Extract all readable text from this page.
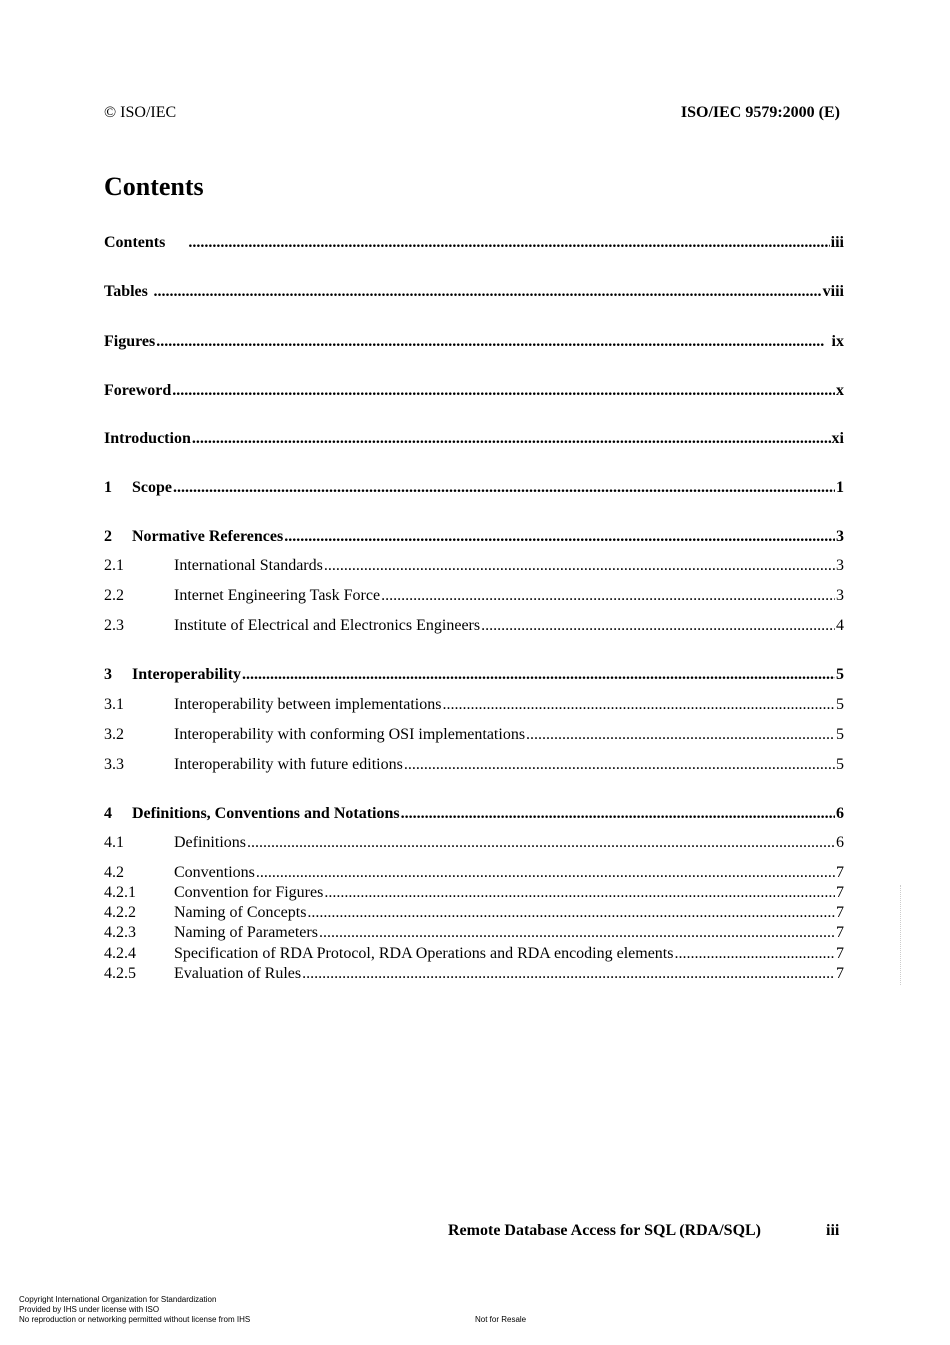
© ISO/IEC	ISO/IEC 9579:2000 (E)
Contents
Contents .....	iii
Tables .....	viii
Figures .....	ix
Foreword .....	x
Introduction .....	xi
1	Scope .....	1
2	Normative References .....	3
2.1	International Standards .....	3
2.2	Internet Engineering Task Force .....	3
2.3	Institute of Electrical and Electronics Engineers .....	4
3	Interoperability .....	5
3.1	Interoperability between implementations .....	5
3.2	Interoperability with conforming OSI implementations .....	5
3.3	Interoperability with future editions .....	5
4	Definitions, Conventions and Notations .....	6
4.1	Definitions .....	6
4.2	Conventions .....	7
4.2.1	Convention for Figures .....	7
4.2.2	Naming of Concepts .....	7
4.2.3	Naming of Parameters .....	7
4.2.4	Specification of RDA Protocol, RDA Operations and RDA encoding elements .....	7
4.2.5	Evaluation of Rules .....	7
Remote Database Access for SQL (RDA/SQL)	iii
Copyright International Organization for Standardization
Provided by IHS under license with ISO
No reproduction or networking permitted without license from IHS	Not for Resale
